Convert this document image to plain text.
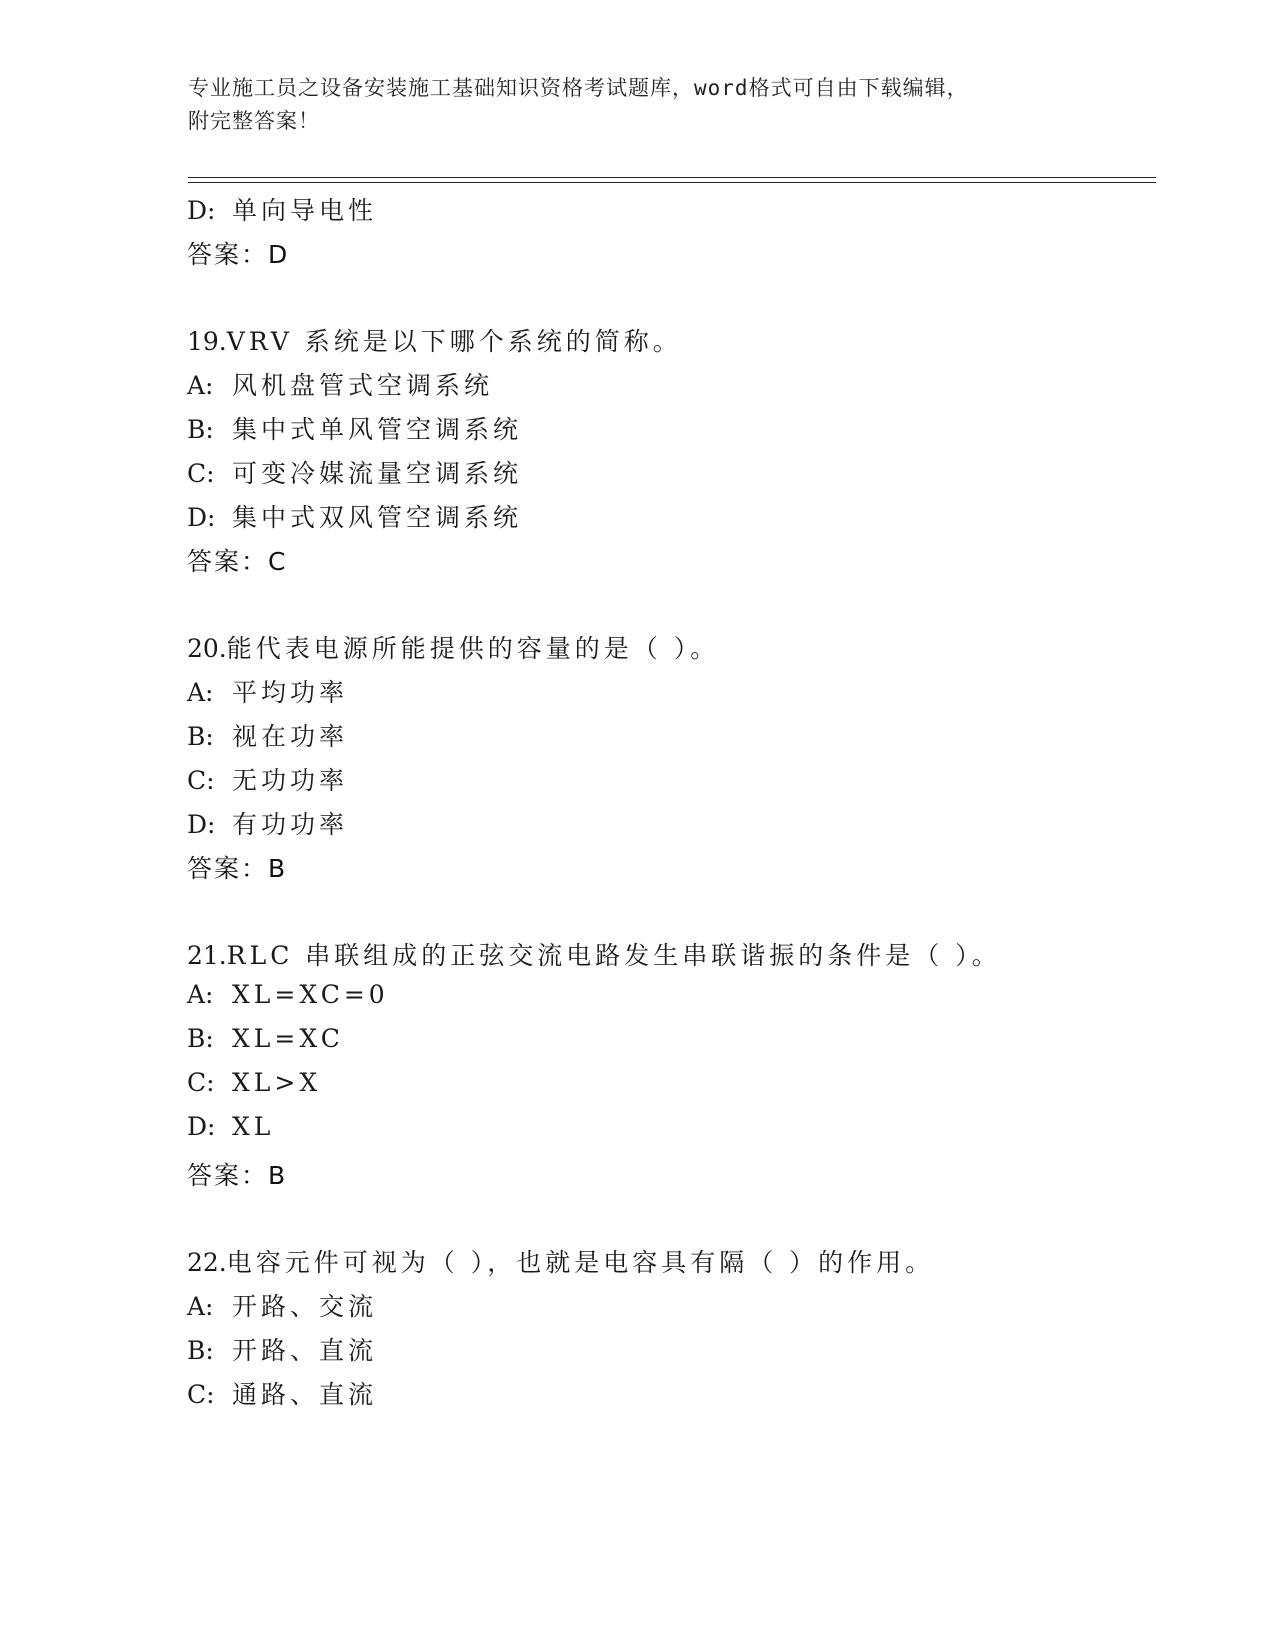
专业施工员之设备安装施工基础知识资格考试题库，word格式可自由下载编辑，
附完整答案！
D: 单向导电性
答案：D
19.VRV 系统是以下哪个系统的简称。
A: 风机盘管式空调系统
B: 集中式单风管空调系统
C: 可变冷媒流量空调系统
D: 集中式双风管空调系统
答案：C
20.能代表电源所能提供的容量的是（ ）。
A: 平均功率
B: 视在功率
C: 无功功率
D: 有功功率
答案：B
21.RLC 串联组成的正弦交流电路发生串联谐振的条件是（ ）。
A: XL=XC=0
B: XL=XC
C: XL>X
D: XL
答案：B
22.电容元件可视为（ ），也就是电容具有隔（ ）的作用。
A: 开路、交流
B: 开路、直流
C: 通路、直流
